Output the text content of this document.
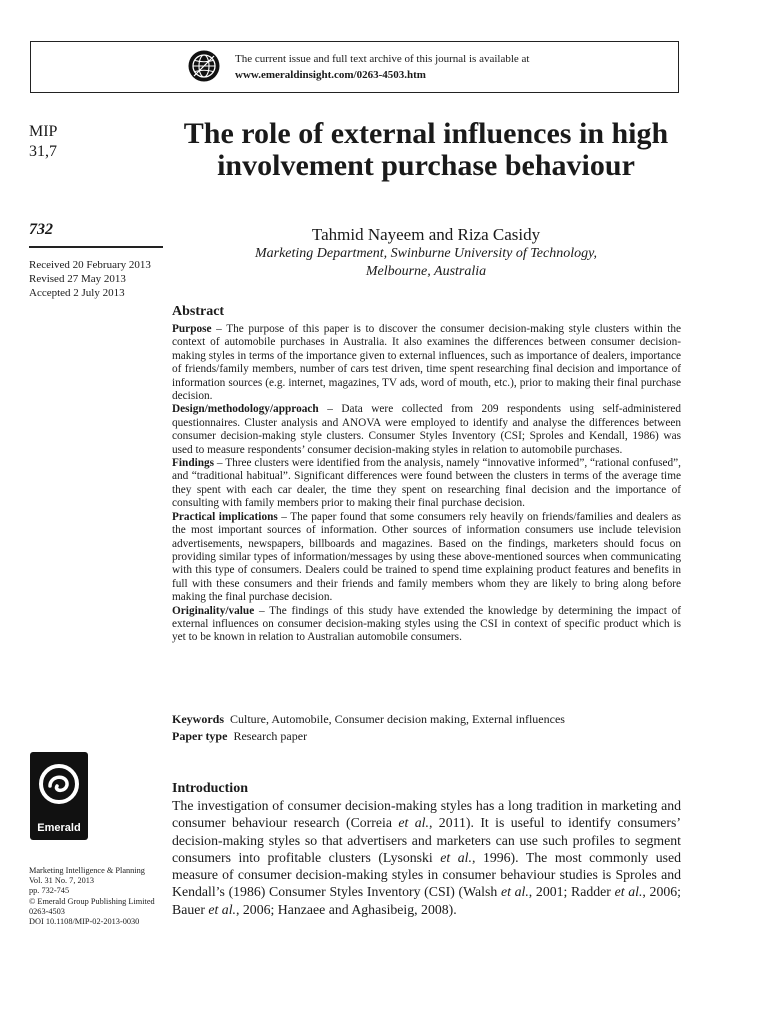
The current issue and full text archive of this journal is available at
www.emeraldinsight.com/0263-4503.htm
MIP
31,7
732
Received 20 February 2013
Revised 27 May 2013
Accepted 2 July 2013
The role of external influences in high involvement purchase behaviour
Tahmid Nayeem and Riza Casidy
Marketing Department, Swinburne University of Technology,
Melbourne, Australia
Abstract

Purpose – The purpose of this paper is to discover the consumer decision-making style clusters within the context of automobile purchases in Australia. It also examines the differences between consumer decision-making styles in terms of the importance given to external influences, such as importance of dealers, importance of friends/family members, number of cars test driven, time spent researching final decision and importance of information sources (e.g. internet, magazines, TV ads, word of mouth, etc.), prior to making their final purchase decision.

Design/methodology/approach – Data were collected from 209 respondents using self-administered questionnaires. Cluster analysis and ANOVA were employed to identify and analyse the differences between consumer decision-making style clusters. Consumer Styles Inventory (CSI; Sproles and Kendall, 1986) was used to measure respondents’ consumer decision-making styles in relation to automobile purchases.

Findings – Three clusters were identified from the analysis, namely “innovative informed”, “rational confused”, and “traditional habitual”. Significant differences were found between the clusters in terms of the average time they spent with each car dealer, the time they spent on researching final decision and the importance of consulting with family members prior to making their final purchase decision.

Practical implications – The paper found that some consumers rely heavily on friends/families and dealers as the most important sources of information. Other sources of information consumers use include television advertisements, newspapers, billboards and magazines. Based on the findings, marketers should focus on providing similar types of information/messages by using these above-mentioned sources when communicating with this type of consumers. Dealers could be trained to spend time explaining product features and benefits in full with these consumers and their friends and family members whom they are likely to bring along before making the final purchase decision.

Originality/value – The findings of this study have extended the knowledge by determining the impact of external influences on consumer decision-making styles using the CSI in context of specific product which is yet to be known in relation to Australian automobile consumers.

Keywords Culture, Automobile, Consumer decision making, External influences
Paper type Research paper
Emerald
Marketing Intelligence & Planning
Vol. 31 No. 7, 2013
pp. 732-745
© Emerald Group Publishing Limited
0263-4503
DOI 10.1108/MIP-02-2013-0030
Introduction

The investigation of consumer decision-making styles has a long tradition in marketing and consumer behaviour research (Correia et al., 2011). It is useful to identify consumers’ decision-making styles so that advertisers and marketers can use such profiles to segment consumers into profitable clusters (Lysonski et al., 1996). The most commonly used measure of consumer decision-making styles in consumer behaviour studies is Sproles and Kendall’s (1986) Consumer Styles Inventory (CSI) (Walsh et al., 2001; Radder et al., 2006; Bauer et al., 2006; Hanzaee and Aghasibeig, 2008).
